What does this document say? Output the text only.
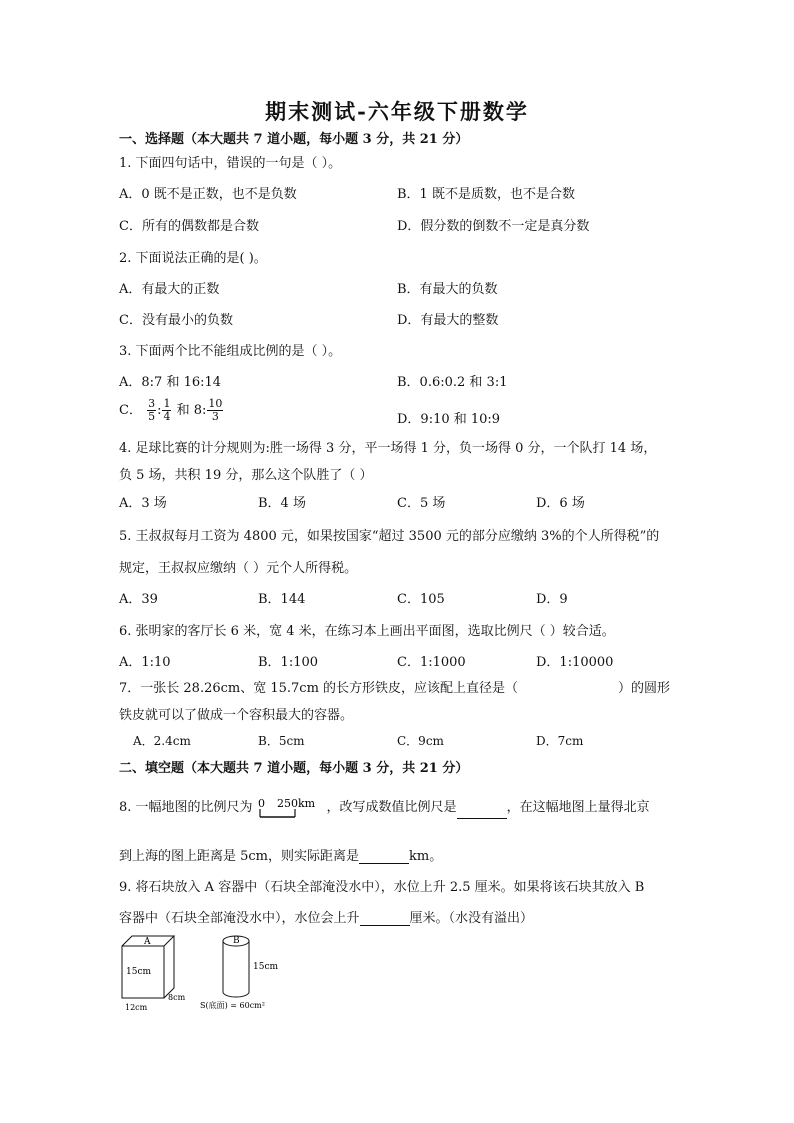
期末测试-六年级下册数学
一、选择题（本大题共 7 道小题，每小题 3 分，共 21 分）
1. 下面四句话中，错误的一句是（ ）。
A．0 既不是正数，也不是负数	B．1 既不是质数，也不是合数
C．所有的偶数都是合数	D．假分数的倒数不一定是真分数
2. 下面说法正确的是( )。
A．有最大的正数	B．有最大的负数
C．没有最小的负数	D．有最大的整数
3. 下面两个比不能组成比例的是（ ）。
A．8:7 和 16:14	B．0.6:0.2 和 3:1
C． $\frac{3}{5}$ : $\frac{1}{4}$ 和 8: $\frac{10}{3}$	D．9:10 和 10:9
4. 足球比赛的计分规则为:胜一场得 3 分，平一场得 1 分，负一场得 0 分，一个队打 14 场，
负 5 场，共积 19 分，那么这个队胜了（ ）
A．3 场	B．4 场	C．5 场	D．6 场
5. 王叔叔每月工资为 4800 元，如果按国家“超过 3500 元的部分应缴纳 3%的个人所得税”的
规定，王叔叔应缴纳（ ）元个人所得税。
A．39	B．144	C．105	D．9
6. 张明家的客厅长 6 米，宽 4 米，在练习本上画出平面图，选取比例尺（ ）较合适。
A．1:10	B．1:100	C．1:1000	D．1:10000
7．一张长 28.26cm、宽 15.7cm 的长方形铁皮，应该配上直径是（	）的圆形
铁皮就可以了做成一个容积最大的容器。
A．2.4cm	B．5cm	C．9cm	D．7cm
二、填空题（本大题共 7 道小题，每小题 3 分，共 21 分）
8. 一幅地图的比例尺为 0 250km ，改写成数值比例尺是	，在这幅地图上量得北京
到上海的图上距离是 5cm，则实际距离是	km。
9. 将石块放入 A 容器中（石块全部淹没水中），水位上升 2.5 厘米。如果将该石块其放入 B
容器中（石块全部淹没水中），水位会上升	厘米。（水没有溢出）
A
15cm
8cm
12cm
B
15cm
S(底面) = 60cm²
